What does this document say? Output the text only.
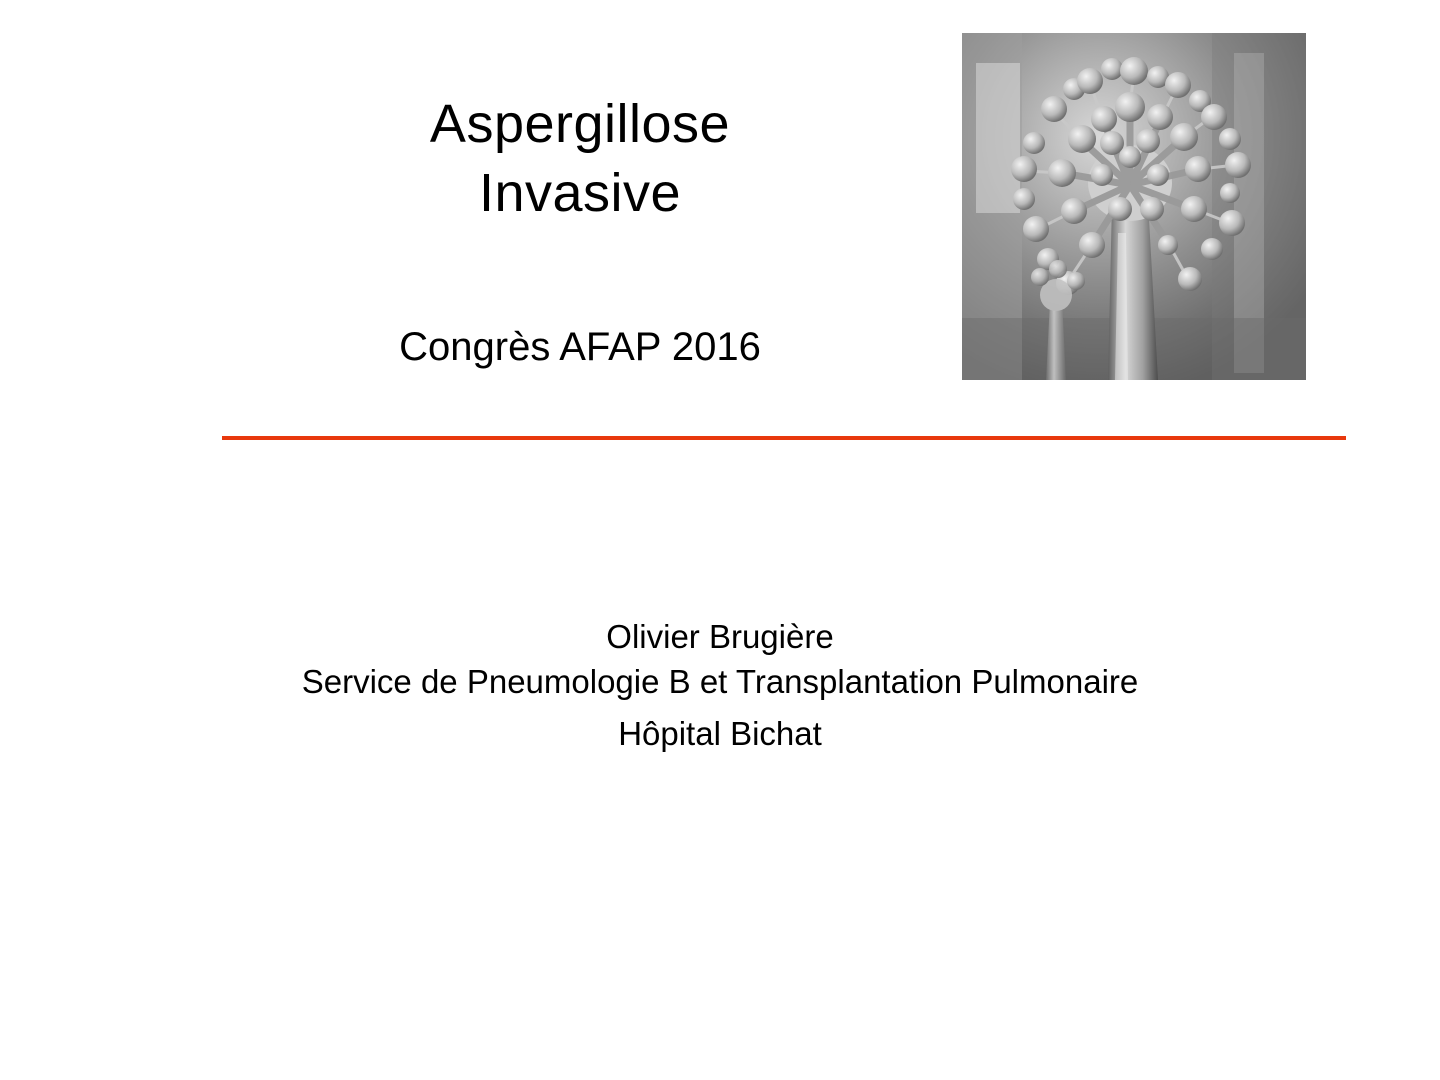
Aspergillose
Invasive
Congrès AFAP 2016
Olivier Brugière
Service de Pneumologie B et Transplantation Pulmonaire
Hôpital Bichat
